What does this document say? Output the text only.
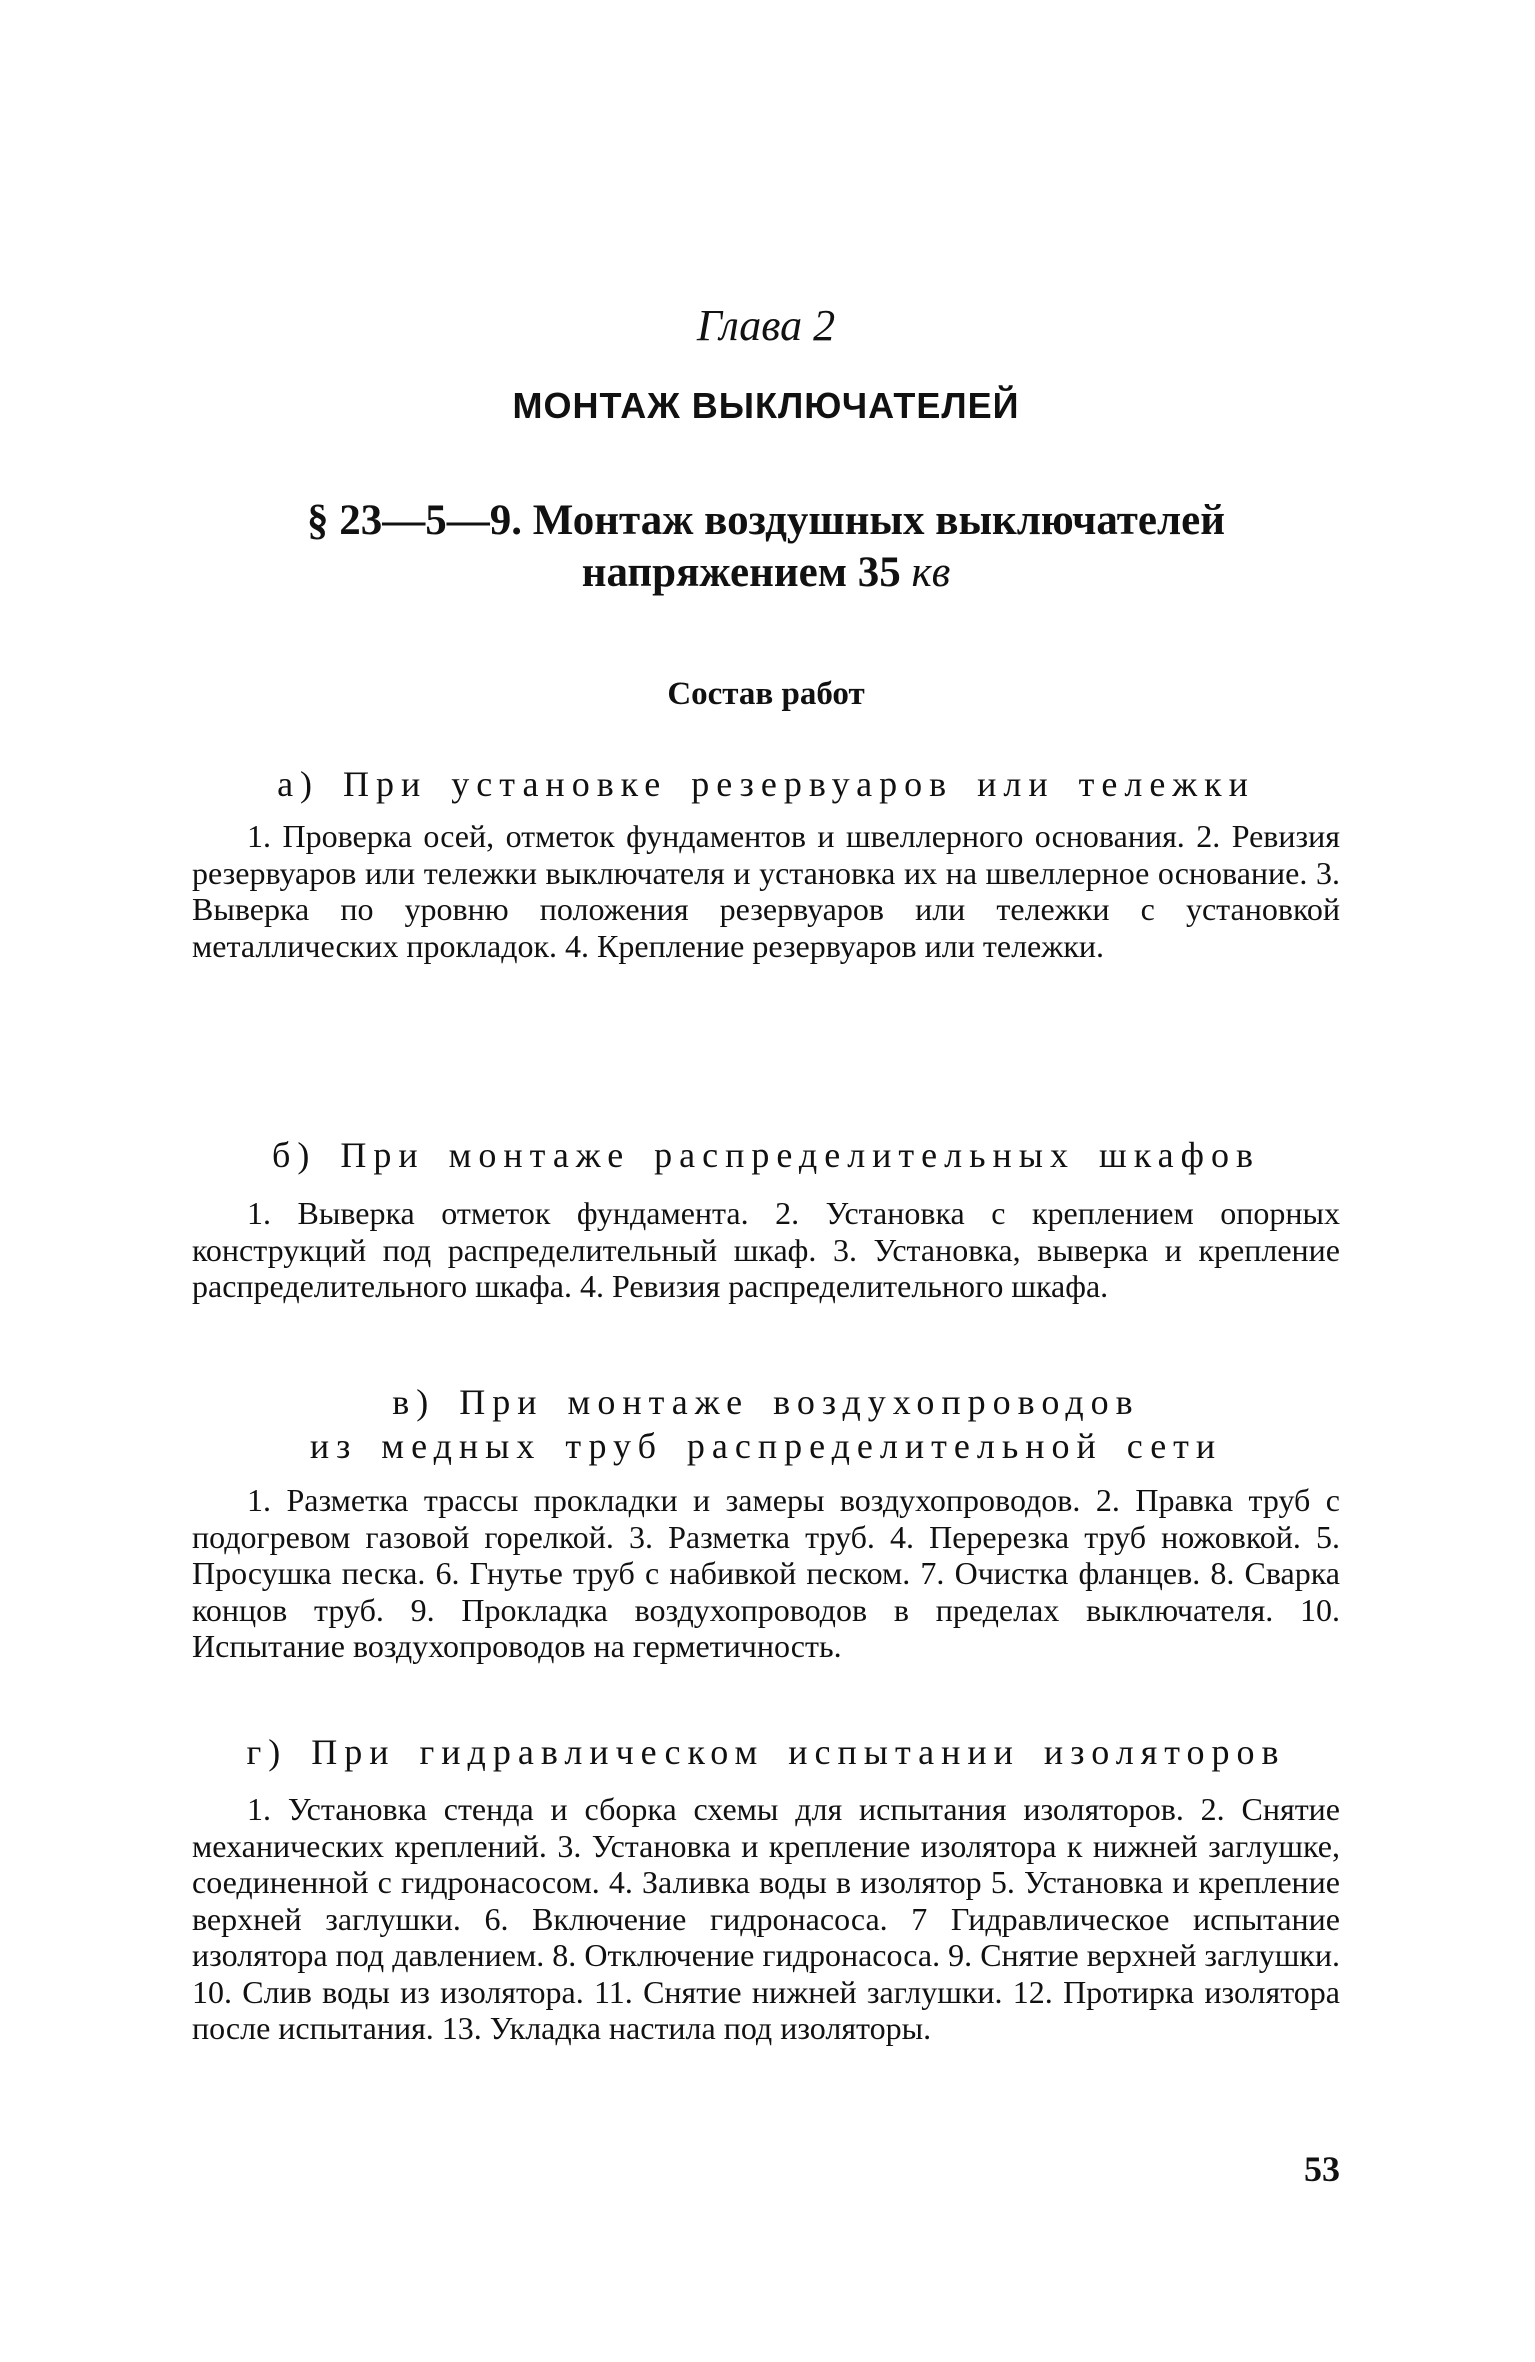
Глава 2
МОНТАЖ ВЫКЛЮЧАТЕЛЕЙ
§ 23—5—9. Монтаж воздушных выключателей
напряжением 35 кв
Состав работ
а) При установке резервуаров или тележки
1. Проверка осей, отметок фундаментов и швеллерного основания. 2. Ревизия резервуаров или тележки выключателя и установка их на швеллерное основание. 3. Выверка по уровню положения резервуаров или тележки с установкой металлических прокладок. 4. Крепление резервуаров или тележки.
б) При монтаже распределительных шкафов
1. Выверка отметок фундамента. 2. Установка с креплением опорных конструкций под распределительный шкаф. 3. Установка, выверка и крепление распределительного шкафа. 4. Ревизия распределительного шкафа.
в) При монтаже воздухопроводов
из медных труб распределительной сети
1. Разметка трассы прокладки и замеры воздухопроводов. 2. Правка труб с подогревом газовой горелкой. 3. Разметка труб. 4. Перерезка труб ножовкой. 5. Просушка песка. 6. Гнутье труб с набивкой песком. 7. Очистка фланцев. 8. Сварка концов труб. 9. Прокладка воздухопроводов в пределах выключателя. 10. Испытание воздухопроводов на герметичность.
г) При гидравлическом испытании изоляторов
1. Установка стенда и сборка схемы для испытания изоляторов. 2. Снятие механических креплений. 3. Установка и крепление изолятора к нижней заглушке, соединенной с гидронасосом. 4. Заливка воды в изолятор 5. Установка и крепление верхней заглушки. 6. Включение гидронасоса. 7 Гидравлическое испытание изолятора под давлением. 8. Отключение гидронасоса. 9. Снятие верхней заглушки. 10. Слив воды из изолятора. 11. Снятие нижней заглушки. 12. Протирка изолятора после испытания. 13. Укладка настила под изоляторы.
53
